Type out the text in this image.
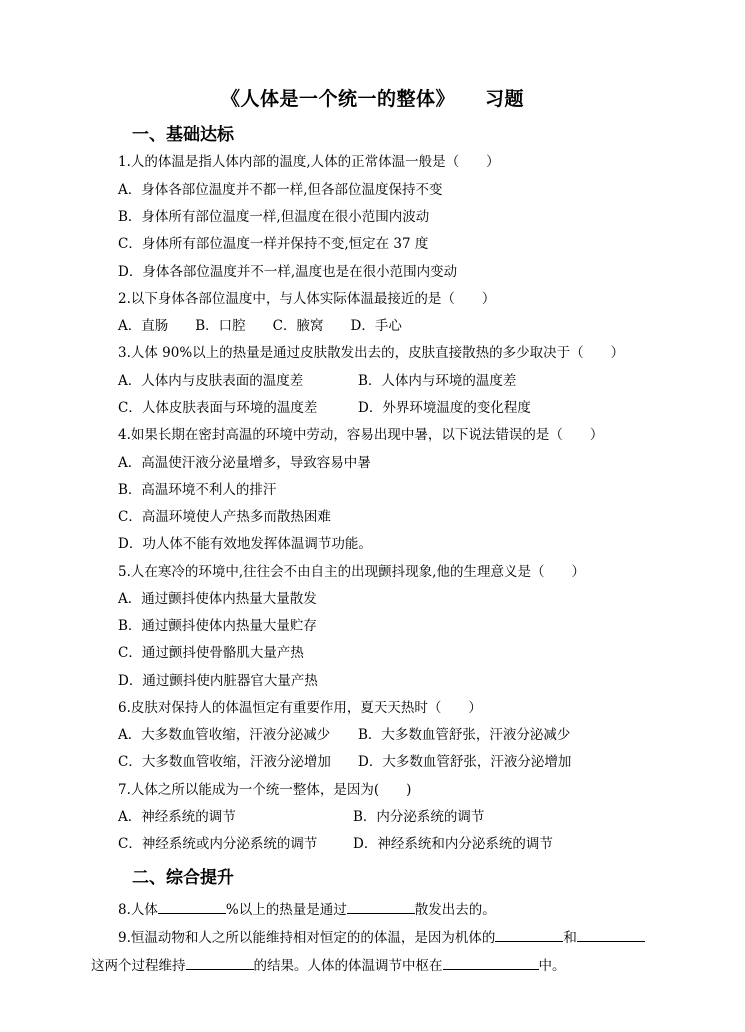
《人体是一个统一的整体》 习题
一、基础达标
1.人的体温是指人体内部的温度,人体的正常体温一般是（　　）
A．身体各部位温度并不都一样,但各部位温度保持不变
B．身体所有部位温度一样,但温度在很小范围内波动
C．身体所有部位温度一样并保持不变,恒定在 37 度
D．身体各部位温度并不一样,温度也是在很小范围内变动
2.以下身体各部位温度中，与人体实际体温最接近的是（　　）
A．直肠　　B．口腔　　C．腋窝　　D．手心
3.人体 90%以上的热量是通过皮肤散发出去的，皮肤直接散热的多少取决于（　　）
A．人体内与皮肤表面的温度差	B．人体内与环境的温度差
C．人体皮肤表面与环境的温度差	D．外界环境温度的变化程度
4.如果长期在密封高温的环境中劳动，容易出现中暑，以下说法错误的是（　　）
A．高温使汗液分泌量增多，导致容易中暑
B．高温环境不利人的排汗
C．高温环境使人产热多而散热困难
D．功人体不能有效地发挥体温调节功能。
5.人在寒冷的环境中,往往会不由自主的出现颤抖现象,他的生理意义是（　　）
A．通过颤抖使体内热量大量散发
B．通过颤抖使体内热量大量贮存
C．通过颤抖使骨骼肌大量产热
D．通过颤抖使内脏器官大量产热
6.皮肤对保持人的体温恒定有重要作用，夏天天热时（　　）
A．大多数血管收缩，汗液分泌减少 B．大多数血管舒张，汗液分泌减少
C．大多数血管收缩，汗液分泌增加 D．大多数血管舒张，汗液分泌增加
7.人体之所以能成为一个统一整体，是因为(　　)
A．神经系统的调节	B．内分泌系统的调节
C．神经系统或内分泌系统的调节	D．神经系统和内分泌系统的调节
二、综合提升
8.人体	%以上的热量是通过	散发出去的。
9.恒温动物和人之所以能维持相对恒定的的体温，是因为机体的	和
这两个过程维持	的结果。人体的体温调节中枢在	中。
